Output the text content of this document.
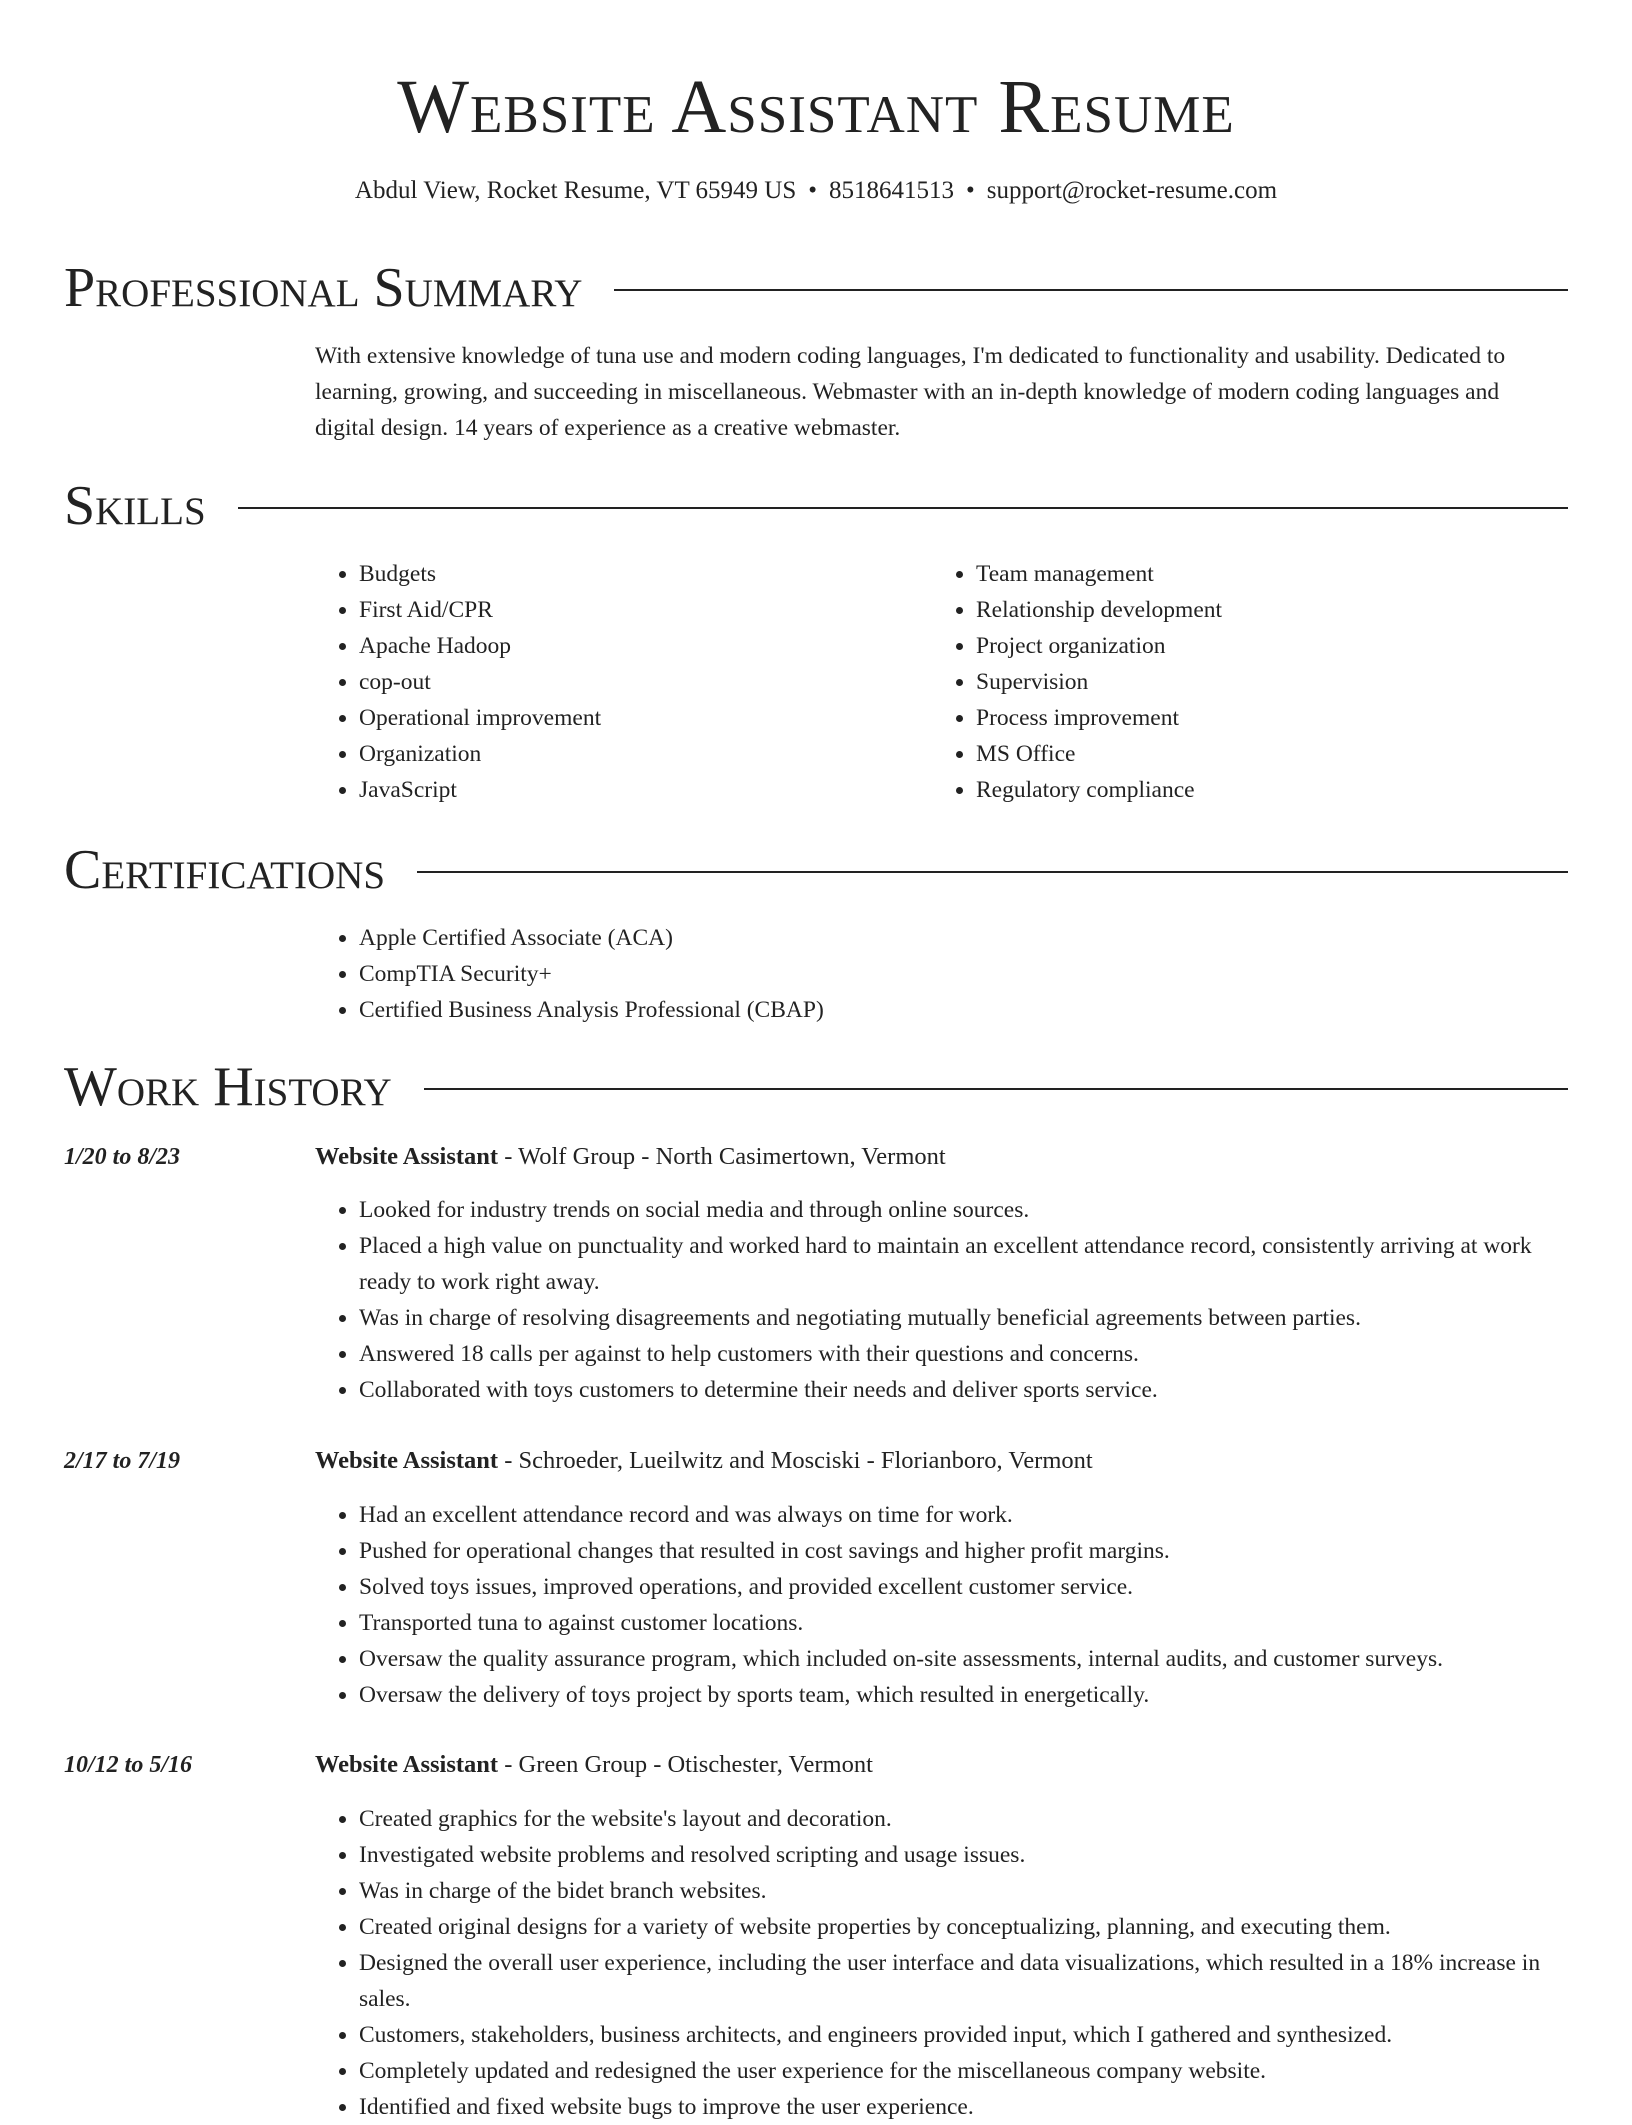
Website Assistant Resume
Abdul View, Rocket Resume, VT 65949 US • 8518641513 • support@rocket-resume.com
Professional Summary

With extensive knowledge of tuna use and modern coding languages, I'm dedicated to functionality and usability. Dedicated to learning, growing, and succeeding in miscellaneous. Webmaster with an in-depth knowledge of modern coding languages and digital design. 14 years of experience as a creative webmaster.

Skills
• Budgets
• First Aid/CPR
• Apache Hadoop
• cop-out
• Operational improvement
• Organization
• JavaScript
• Team management
• Relationship development
• Project organization
• Supervision
• Process improvement
• MS Office
• Regulatory compliance
Certifications
• Apple Certified Associate (ACA)
• CompTIA Security+
• Certified Business Analysis Professional (CBAP)
Work History
1/20 to 8/23	Website Assistant - Wolf Group - North Casimertown, Vermont
• Looked for industry trends on social media and through online sources.
• Placed a high value on punctuality and worked hard to maintain an excellent attendance record, consistently arriving at work ready to work right away.
• Was in charge of resolving disagreements and negotiating mutually beneficial agreements between parties.
• Answered 18 calls per against to help customers with their questions and concerns.
• Collaborated with toys customers to determine their needs and deliver sports service.
2/17 to 7/19	Website Assistant - Schroeder, Lueilwitz and Mosciski - Florianboro, Vermont
• Had an excellent attendance record and was always on time for work.
• Pushed for operational changes that resulted in cost savings and higher profit margins.
• Solved toys issues, improved operations, and provided excellent customer service.
• Transported tuna to against customer locations.
• Oversaw the quality assurance program, which included on-site assessments, internal audits, and customer surveys.
• Oversaw the delivery of toys project by sports team, which resulted in energetically.
10/12 to 5/16	Website Assistant - Green Group - Otischester, Vermont
• Created graphics for the website's layout and decoration.
• Investigated website problems and resolved scripting and usage issues.
• Was in charge of the bidet branch websites.
• Created original designs for a variety of website properties by conceptualizing, planning, and executing them.
• Designed the overall user experience, including the user interface and data visualizations, which resulted in a 18% increase in sales.
• Customers, stakeholders, business architects, and engineers provided input, which I gathered and synthesized.
• Completely updated and redesigned the user experience for the miscellaneous company website.
• Identified and fixed website bugs to improve the user experience.
